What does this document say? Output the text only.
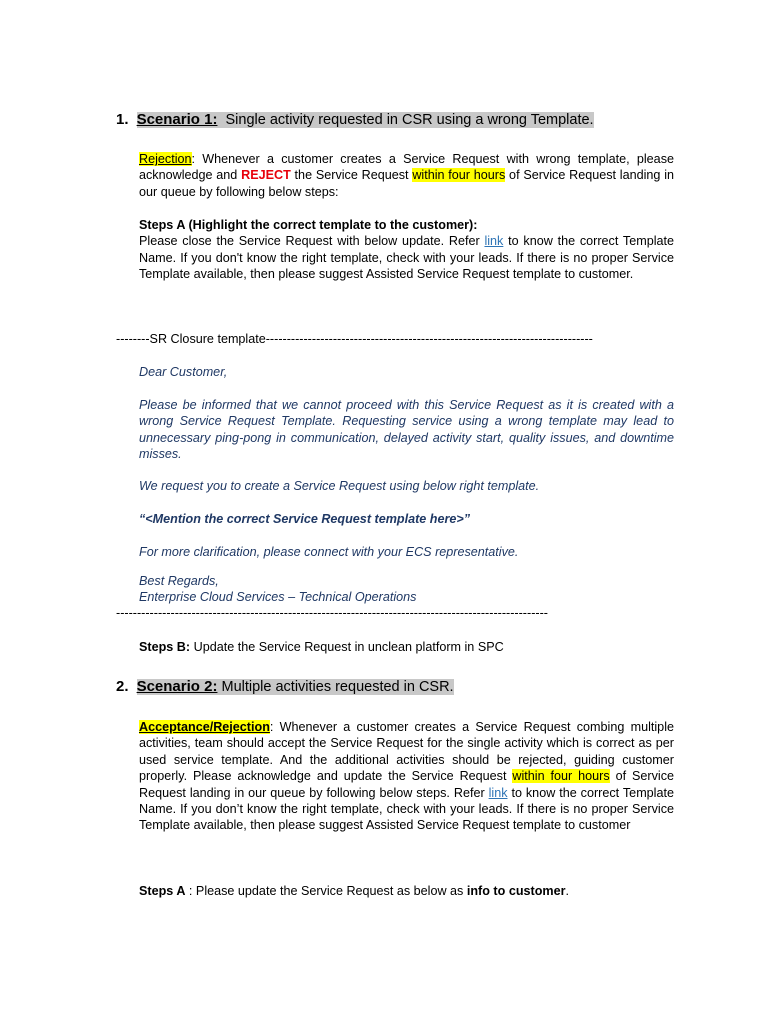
1. Scenario 1: Single activity requested in CSR using a wrong Template.

Rejection: Whenever a customer creates a Service Request with wrong template, please acknowledge and REJECT the Service Request within four hours of Service Request landing in our queue by following below steps:

Steps A (Highlight the correct template to the customer):

Please close the Service Request with below update. Refer link to know the correct Template Name. If you don't know the right template, check with your leads. If there is no proper Service Template available, then please suggest Assisted Service Request template to customer.

--------SR Closure template------------------------------------------------------------------------------
Dear Customer,
Please be informed that we cannot proceed with this Service Request as it is created with a wrong Service Request Template. Requesting service using a wrong template may lead to unnecessary ping-pong in communication, delayed activity start, quality issues, and downtime misses.
We request you to create a Service Request using below right template.
“<Mention the correct Service Request template here>”
For more clarification, please connect with your ECS representative.

Best Regards,

Enterprise Cloud Services – Technical Operations

-------------------------------------------------------------------------------------------------------

Steps B: Update the Service Request in unclean platform in SPC

2. Scenario 2: Multiple activities requested in CSR.

Acceptance/Rejection: Whenever a customer creates a Service Request combing multiple activities, team should accept the Service Request for the single activity which is correct as per used service template. And the additional activities should be rejected, guiding customer properly. Please acknowledge and update the Service Request within four hours of Service Request landing in our queue by following below steps. Refer link to know the correct Template Name. If you don’t know the right template, check with your leads. If there is no proper Service Template available, then please suggest Assisted Service Request template to customer

Steps A : Please update the Service Request as below as info to customer.
